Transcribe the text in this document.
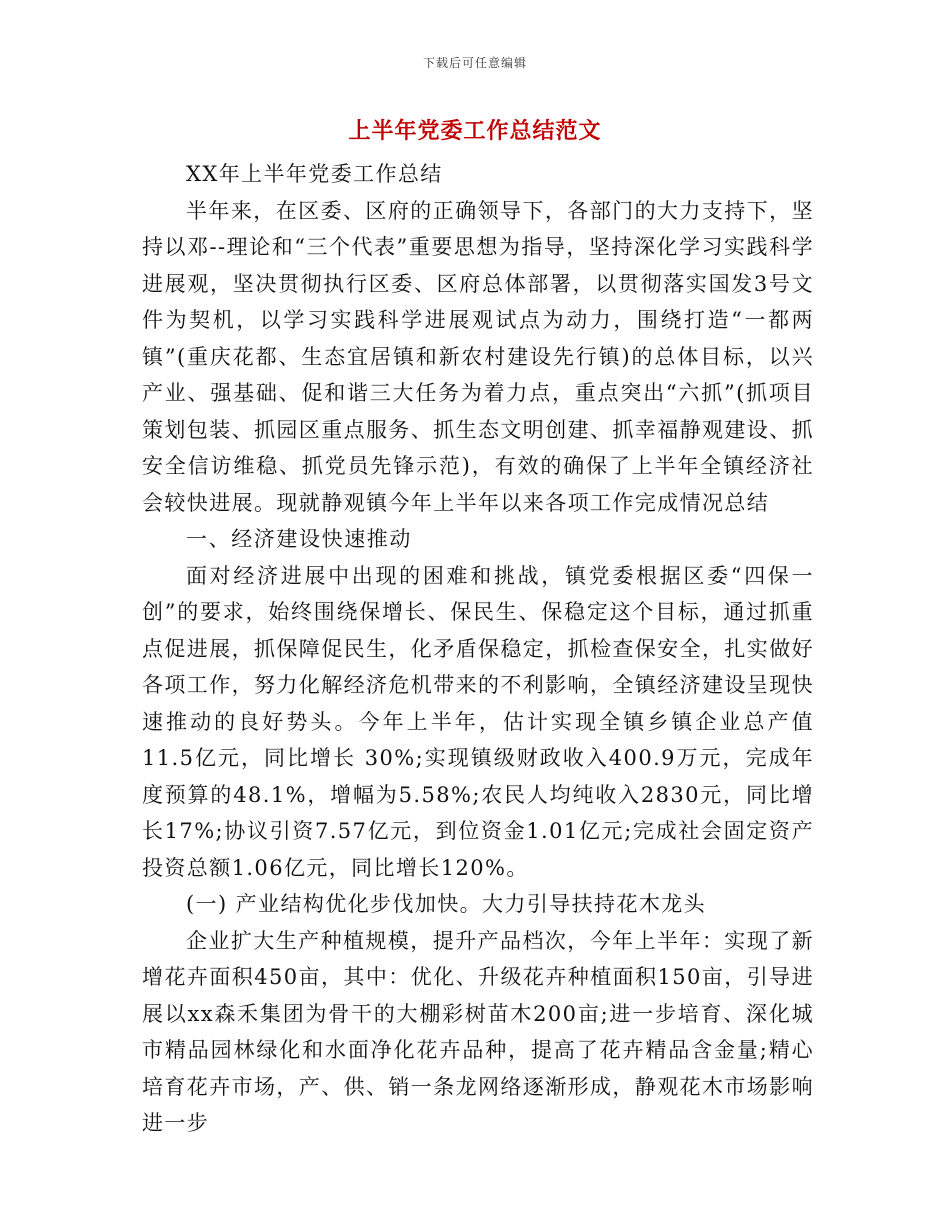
下载后可任意编辑
上半年党委工作总结范文

XX年上半年党委工作总结

半年来，在区委、区府的正确领导下，各部门的大力支持下，坚持以邓--理论和“三个代表”重要思想为指导，坚持深化学习实践科学进展观，坚决贯彻执行区委、区府总体部署，以贯彻落实国发3号文件为契机，以学习实践科学进展观试点为动力，围绕打造“一都两镇”(重庆花都、生态宜居镇和新农村建设先行镇)的总体目标，以兴产业、强基础、促和谐三大任务为着力点，重点突出“六抓”(抓项目策划包装、抓园区重点服务、抓生态文明创建、抓幸福静观建设、抓安全信访维稳、抓党员先锋示范)，有效的确保了上半年全镇经济社会较快进展。现就静观镇今年上半年以来各项工作完成情况总结

一、经济建设快速推动

面对经济进展中出现的困难和挑战，镇党委根据区委“四保一创”的要求，始终围绕保增长、保民生、保稳定这个目标，通过抓重点促进展，抓保障促民生，化矛盾保稳定，抓检查保安全，扎实做好各项工作，努力化解经济危机带来的不利影响，全镇经济建设呈现快速推动的良好势头。今年上半年，估计实现全镇乡镇企业总产值11.5亿元，同比增长 30%;实现镇级财政收入400.9万元，完成年度预算的48.1%，增幅为5.58%;农民人均纯收入2830元，同比增长17%;协议引资7.57亿元，到位资金1.01亿元;完成社会固定资产投资总额1.06亿元，同比增长120%。

(一) 产业结构优化步伐加快。大力引导扶持花木龙头

企业扩大生产种植规模，提升产品档次，今年上半年：实现了新增花卉面积450亩，其中：优化、升级花卉种植面积150亩，引导进展以xx森禾集团为骨干的大棚彩树苗木200亩;进一步培育、深化城市精品园林绿化和水面净化花卉品种，提高了花卉精品含金量;精心培育花卉市场，产、供、销一条龙网络逐渐形成，静观花木市场影响进一步
